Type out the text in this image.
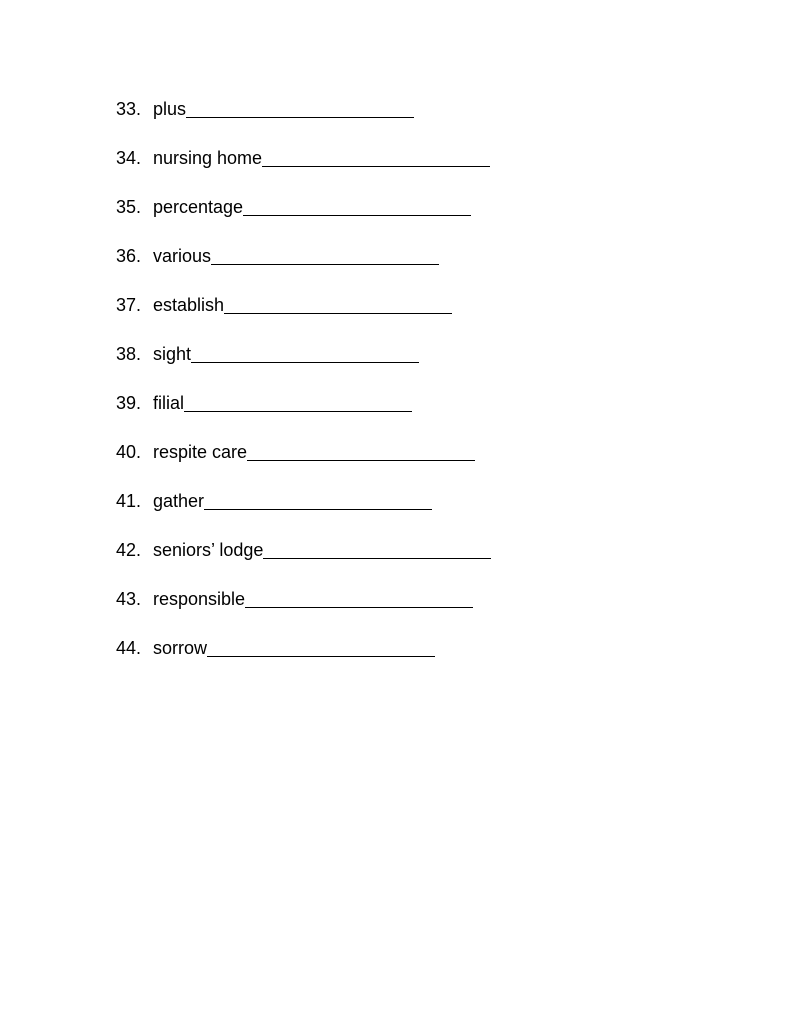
33. plus
34. nursing home
35. percentage
36. various
37. establish
38. sight
39. filial
40. respite care
41. gather
42. seniors’ lodge
43. responsible
44. sorrow
